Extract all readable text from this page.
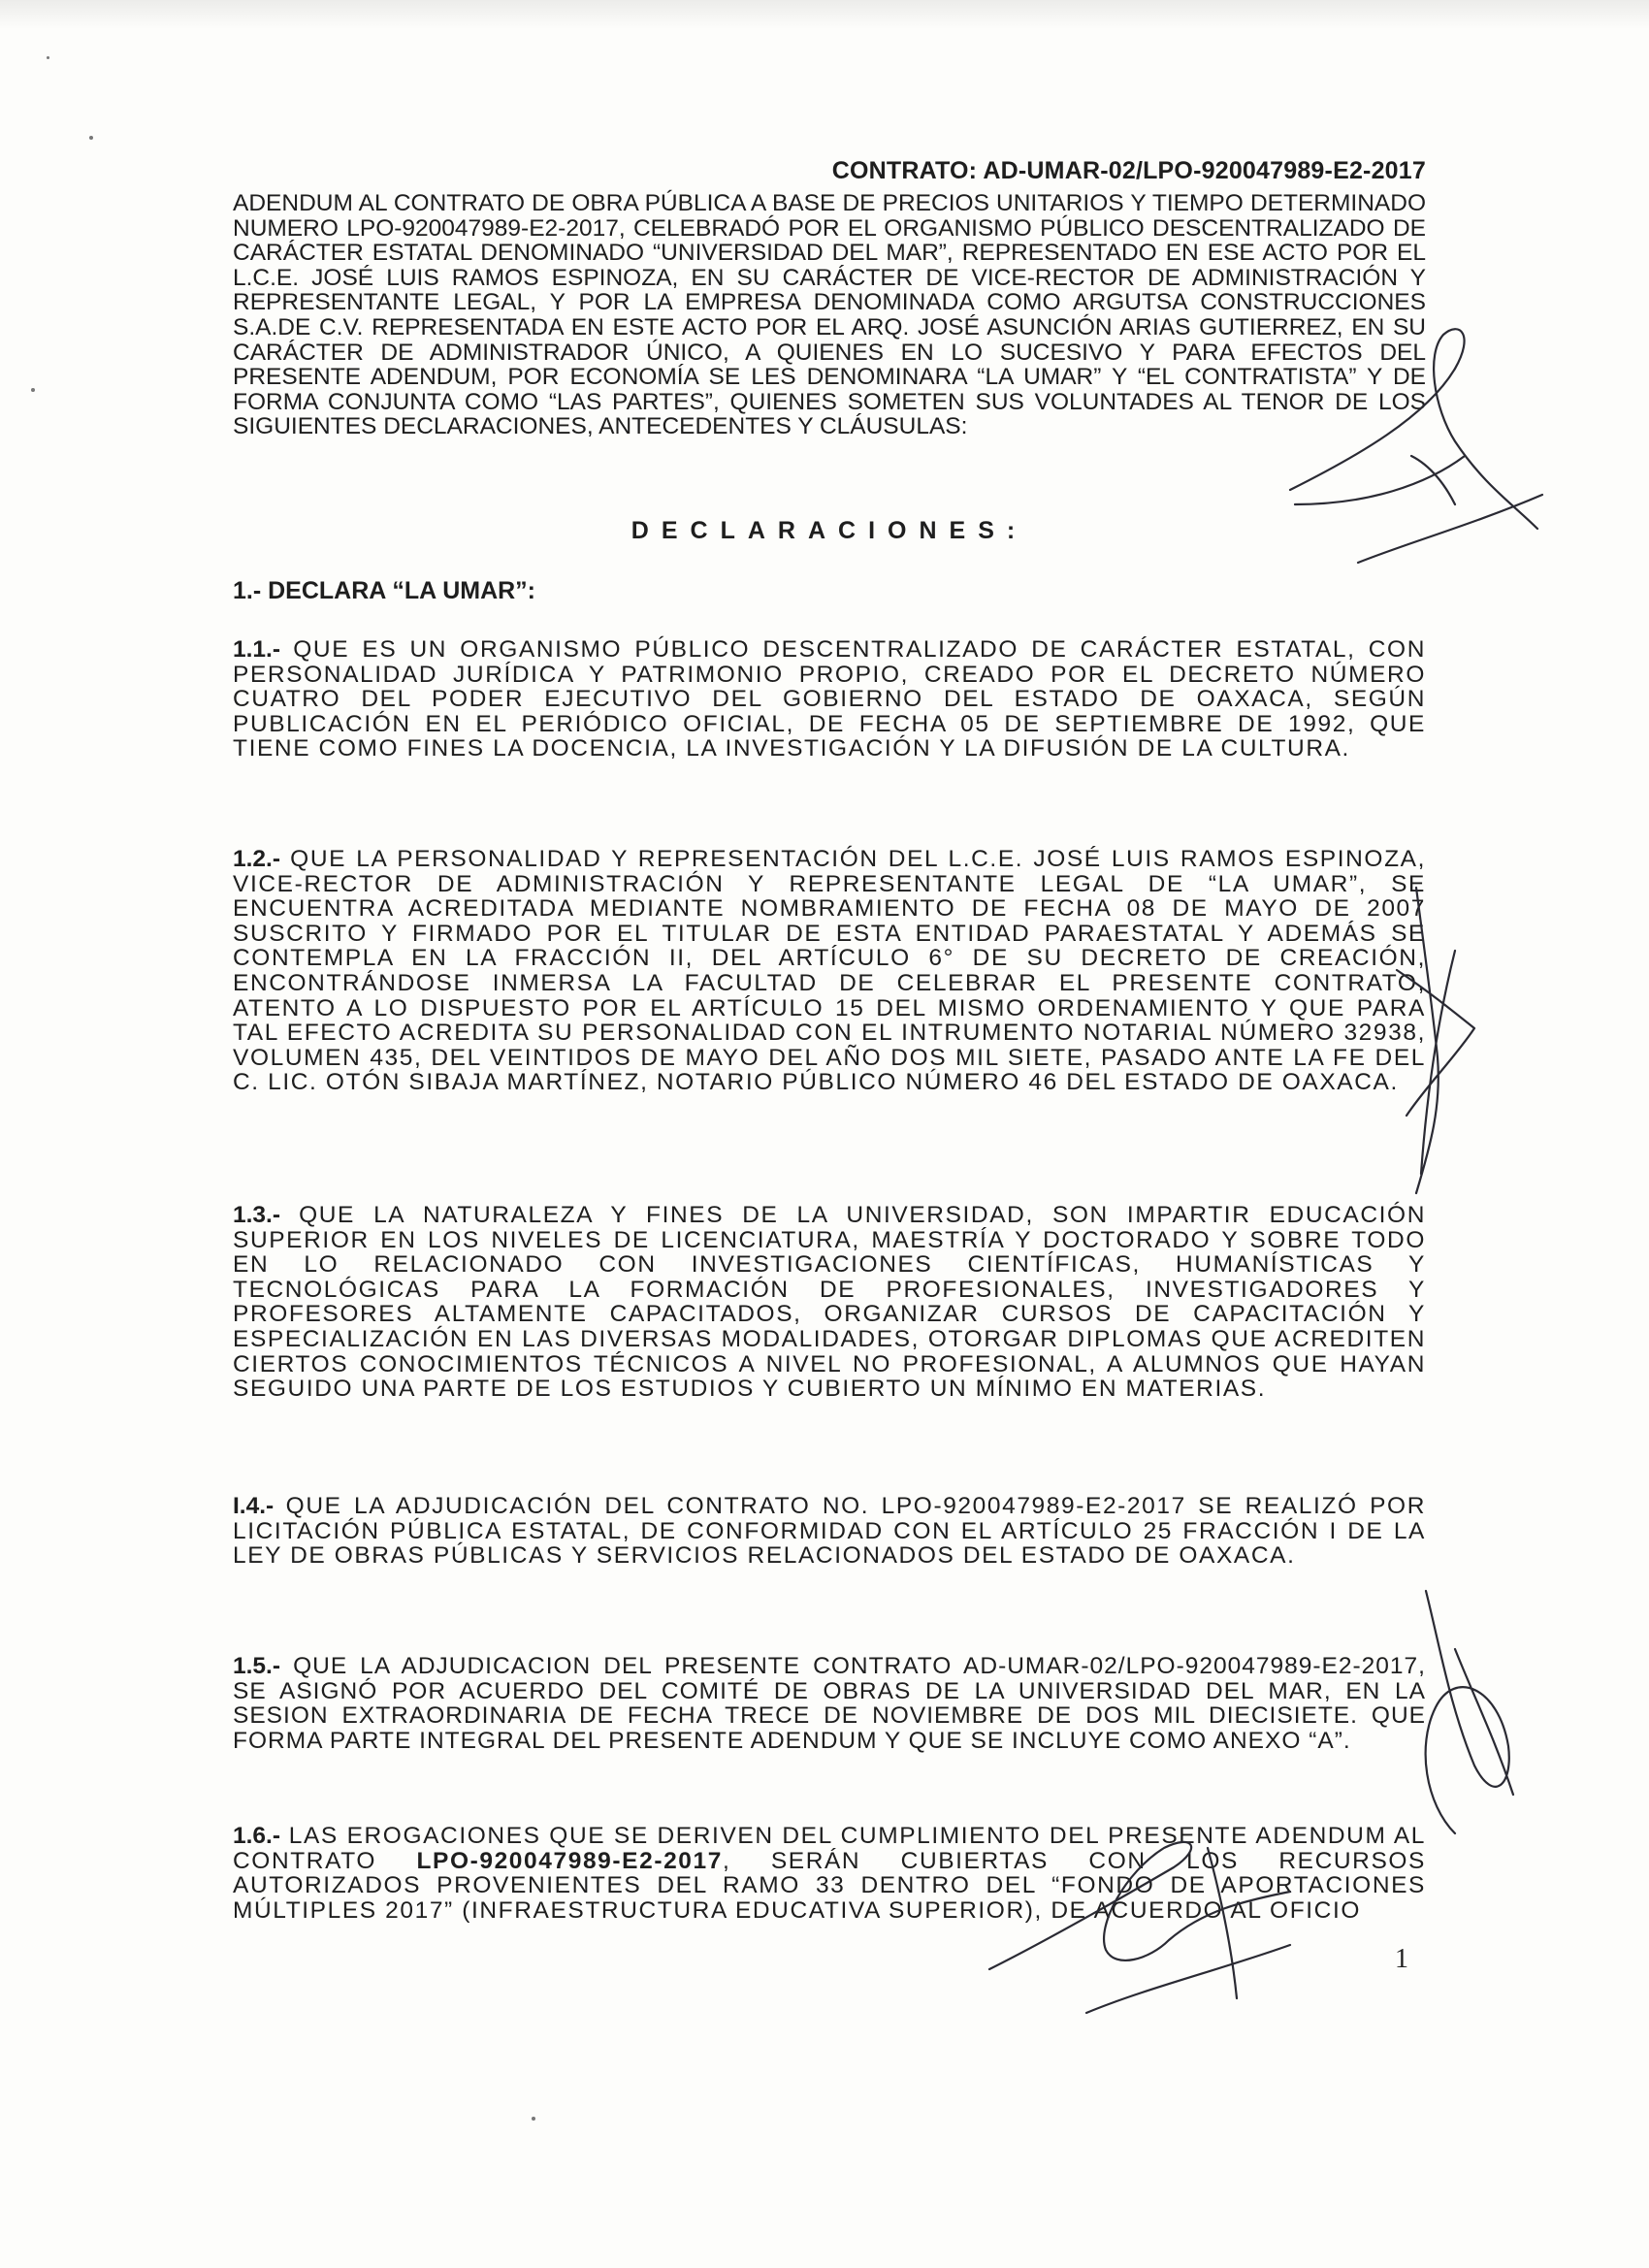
CONTRATO: AD-UMAR-02/LPO-920047989-E2-2017

ADENDUM AL CONTRATO DE OBRA PÚBLICA A BASE DE PRECIOS UNITARIOS Y TIEMPO DETERMINADO NUMERO LPO-920047989-E2-2017, CELEBRADÓ POR EL ORGANISMO PÚBLICO DESCENTRALIZADO DE CARÁCTER ESTATAL DENOMINADO “UNIVERSIDAD DEL MAR”, REPRESENTADO EN ESE ACTO POR EL L.C.E. JOSÉ LUIS RAMOS ESPINOZA, EN SU CARÁCTER DE VICE-RECTOR DE ADMINISTRACIÓN Y REPRESENTANTE LEGAL, Y POR LA EMPRESA DENOMINADA COMO ARGUTSA CONSTRUCCIONES S.A.DE C.V. REPRESENTADA EN ESTE ACTO POR EL ARQ. JOSÉ ASUNCIÓN ARIAS GUTIERREZ, EN SU CARÁCTER DE ADMINISTRADOR ÚNICO, A QUIENES EN LO SUCESIVO Y PARA EFECTOS DEL PRESENTE ADENDUM, POR ECONOMÍA SE LES DENOMINARA “LA UMAR” Y “EL CONTRATISTA” Y DE FORMA CONJUNTA COMO “LAS PARTES”, QUIENES SOMETEN SUS VOLUNTADES AL TENOR DE LOS SIGUIENTES DECLARACIONES, ANTECEDENTES Y CLÁUSULAS:

DECLARACIONES:
1.- DECLARA “LA UMAR”:

1.1.- QUE ES UN ORGANISMO PÚBLICO DESCENTRALIZADO DE CARÁCTER ESTATAL, CON PERSONALIDAD JURÍDICA Y PATRIMONIO PROPIO, CREADO POR EL DECRETO NÚMERO CUATRO DEL PODER EJECUTIVO DEL GOBIERNO DEL ESTADO DE OAXACA, SEGÚN PUBLICACIÓN EN EL PERIÓDICO OFICIAL, DE FECHA 05 DE SEPTIEMBRE DE 1992, QUE TIENE COMO FINES LA DOCENCIA, LA INVESTIGACIÓN Y LA DIFUSIÓN DE LA CULTURA.

1.2.- QUE LA PERSONALIDAD Y REPRESENTACIÓN DEL L.C.E. JOSÉ LUIS RAMOS ESPINOZA, VICE-RECTOR DE ADMINISTRACIÓN Y REPRESENTANTE LEGAL DE “LA UMAR”, SE ENCUENTRA ACREDITADA MEDIANTE NOMBRAMIENTO DE FECHA 08 DE MAYO DE 2007 SUSCRITO Y FIRMADO POR EL TITULAR DE ESTA ENTIDAD PARAESTATAL Y ADEMÁS SE CONTEMPLA EN LA FRACCIÓN II, DEL ARTÍCULO 6° DE SU DECRETO DE CREACIÓN, ENCONTRÁNDOSE INMERSA LA FACULTAD DE CELEBRAR EL PRESENTE CONTRATO, ATENTO A LO DISPUESTO POR EL ARTÍCULO 15 DEL MISMO ORDENAMIENTO Y QUE PARA TAL EFECTO ACREDITA SU PERSONALIDAD CON EL INTRUMENTO NOTARIAL NÚMERO 32938, VOLUMEN 435, DEL VEINTIDOS DE MAYO DEL AÑO DOS MIL SIETE, PASADO ANTE LA FE DEL C. LIC. OTÓN SIBAJA MARTÍNEZ, NOTARIO PÚBLICO NÚMERO 46 DEL ESTADO DE OAXACA.

1.3.- QUE LA NATURALEZA Y FINES DE LA UNIVERSIDAD, SON IMPARTIR EDUCACIÓN SUPERIOR EN LOS NIVELES DE LICENCIATURA, MAESTRÍA Y DOCTORADO Y SOBRE TODO EN LO RELACIONADO CON INVESTIGACIONES CIENTÍFICAS, HUMANÍSTICAS Y TECNOLÓGICAS PARA LA FORMACIÓN DE PROFESIONALES, INVESTIGADORES Y PROFESORES ALTAMENTE CAPACITADOS, ORGANIZAR CURSOS DE CAPACITACIÓN Y ESPECIALIZACIÓN EN LAS DIVERSAS MODALIDADES, OTORGAR DIPLOMAS QUE ACREDITEN CIERTOS CONOCIMIENTOS TÉCNICOS A NIVEL NO PROFESIONAL, A ALUMNOS QUE HAYAN SEGUIDO UNA PARTE DE LOS ESTUDIOS Y CUBIERTO UN MÍNIMO EN MATERIAS.

I.4.- QUE LA ADJUDICACIÓN DEL CONTRATO NO. LPO-920047989-E2-2017 SE REALIZÓ POR LICITACIÓN PÚBLICA ESTATAL, DE CONFORMIDAD CON EL ARTÍCULO 25 FRACCIÓN I DE LA LEY DE OBRAS PÚBLICAS Y SERVICIOS RELACIONADOS DEL ESTADO DE OAXACA.

1.5.- QUE LA ADJUDICACION DEL PRESENTE CONTRATO AD-UMAR-02/LPO-920047989-E2-2017, SE ASIGNÓ POR ACUERDO DEL COMITÉ DE OBRAS DE LA UNIVERSIDAD DEL MAR, EN LA SESION EXTRAORDINARIA DE FECHA TRECE DE NOVIEMBRE DE DOS MIL DIECISIETE. QUE FORMA PARTE INTEGRAL DEL PRESENTE ADENDUM Y QUE SE INCLUYE COMO ANEXO “A”.

1.6.- LAS EROGACIONES QUE SE DERIVEN DEL CUMPLIMIENTO DEL PRESENTE ADENDUM AL CONTRATO LPO-920047989-E2-2017, SERÁN CUBIERTAS CON LOS RECURSOS AUTORIZADOS PROVENIENTES DEL RAMO 33 DENTRO DEL “FONDO DE APORTACIONES MÚLTIPLES 2017” (INFRAESTRUCTURA EDUCATIVA SUPERIOR), DE ACUERDO AL OFICIO

1
